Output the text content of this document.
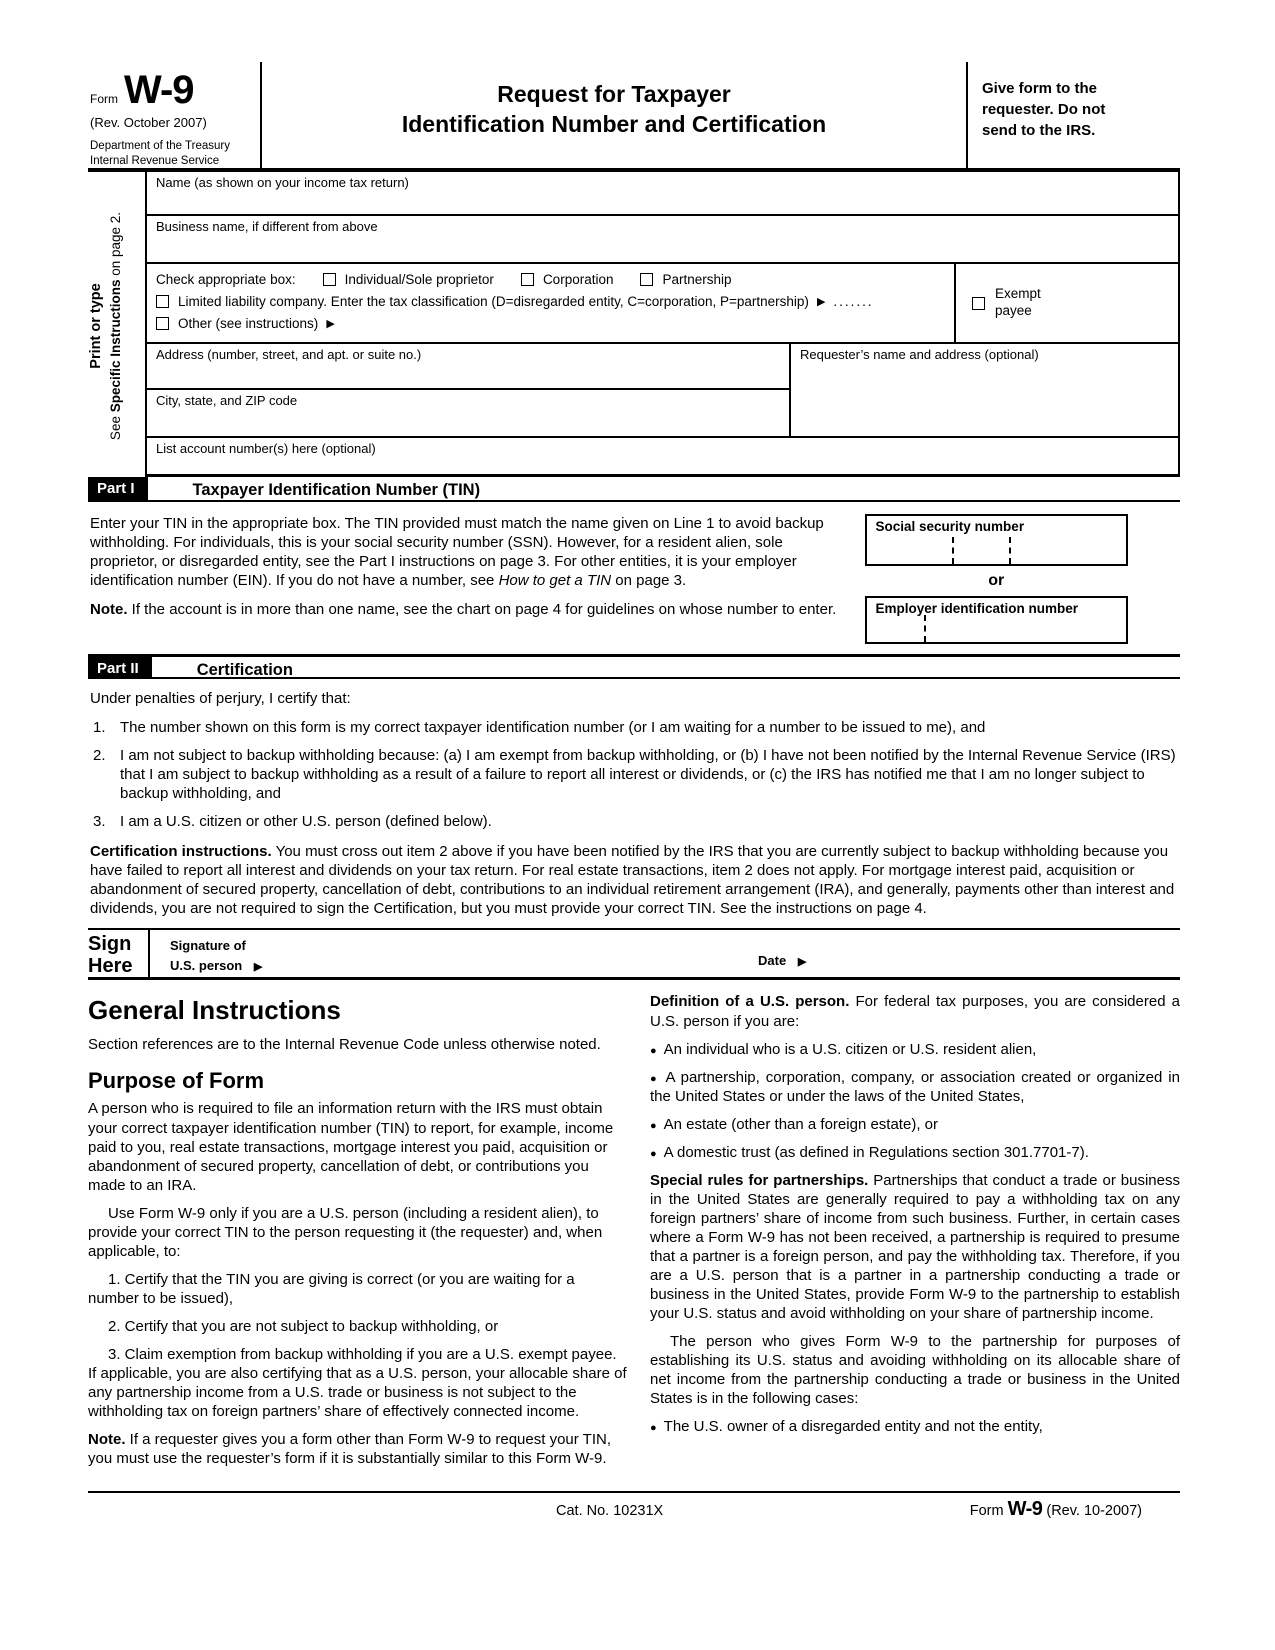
Form W-9
(Rev. October 2007)
Department of the Treasury
Internal Revenue Service
Request for Taxpayer
Identification Number and Certification
Give form to the requester. Do not send to the IRS.
Print or type
See Specific Instructions on page 2.
Name (as shown on your income tax return)
Business name, if different from above
Check appropriate box:	Individual/Sole proprietor	Corporation	Partnership
Limited liability company. Enter the tax classification (D=disregarded entity, C=corporation, P=partnership) ▶ .......
Other (see instructions) ▶
Exempt payee
Address (number, street, and apt. or suite no.)
City, state, and ZIP code
Requester’s name and address (optional)
List account number(s) here (optional)
Part I	Taxpayer Identification Number (TIN)
Enter your TIN in the appropriate box. The TIN provided must match the name given on Line 1 to avoid backup withholding. For individuals, this is your social security number (SSN). However, for a resident alien, sole proprietor, or disregarded entity, see the Part I instructions on page 3. For other entities, it is your employer identification number (EIN). If you do not have a number, see How to get a TIN on page 3.
Note. If the account is in more than one name, see the chart on page 4 for guidelines on whose number to enter.
Social security number
or
Employer identification number
Part II	Certification
Under penalties of perjury, I certify that:
1. The number shown on this form is my correct taxpayer identification number (or I am waiting for a number to be issued to me), and
2. I am not subject to backup withholding because: (a) I am exempt from backup withholding, or (b) I have not been notified by the Internal Revenue Service (IRS) that I am subject to backup withholding as a result of a failure to report all interest or dividends, or (c) the IRS has notified me that I am no longer subject to backup withholding, and
3. I am a U.S. citizen or other U.S. person (defined below).
Certification instructions. You must cross out item 2 above if you have been notified by the IRS that you are currently subject to backup withholding because you have failed to report all interest and dividends on your tax return. For real estate transactions, item 2 does not apply. For mortgage interest paid, acquisition or abandonment of secured property, cancellation of debt, contributions to an individual retirement arrangement (IRA), and generally, payments other than interest and dividends, you are not required to sign the Certification, but you must provide your correct TIN. See the instructions on page 4.
Sign Here
Signature of
U.S. person ▶	Date ▶
General Instructions

Section references are to the Internal Revenue Code unless otherwise noted.

Purpose of Form

A person who is required to file an information return with the IRS must obtain your correct taxpayer identification number (TIN) to report, for example, income paid to you, real estate transactions, mortgage interest you paid, acquisition or abandonment of secured property, cancellation of debt, or contributions you made to an IRA.

Use Form W-9 only if you are a U.S. person (including a resident alien), to provide your correct TIN to the person requesting it (the requester) and, when applicable, to:

1. Certify that the TIN you are giving is correct (or you are waiting for a number to be issued),

2. Certify that you are not subject to backup withholding, or

3. Claim exemption from backup withholding if you are a U.S. exempt payee. If applicable, you are also certifying that as a U.S. person, your allocable share of any partnership income from a U.S. trade or business is not subject to the withholding tax on foreign partners’ share of effectively connected income.

Note. If a requester gives you a form other than Form W-9 to request your TIN, you must use the requester’s form if it is substantially similar to this Form W-9.

Definition of a U.S. person. For federal tax purposes, you are considered a U.S. person if you are:

● An individual who is a U.S. citizen or U.S. resident alien,

● A partnership, corporation, company, or association created or organized in the United States or under the laws of the United States,

● An estate (other than a foreign estate), or

● A domestic trust (as defined in Regulations section 301.7701-7).

Special rules for partnerships. Partnerships that conduct a trade or business in the United States are generally required to pay a withholding tax on any foreign partners’ share of income from such business. Further, in certain cases where a Form W-9 has not been received, a partnership is required to presume that a partner is a foreign person, and pay the withholding tax. Therefore, if you are a U.S. person that is a partner in a partnership conducting a trade or business in the United States, provide Form W-9 to the partnership to establish your U.S. status and avoid withholding on your share of partnership income.

The person who gives Form W-9 to the partnership for purposes of establishing its U.S. status and avoiding withholding on its allocable share of net income from the partnership conducting a trade or business in the United States is in the following cases:

● The U.S. owner of a disregarded entity and not the entity,

Cat. No. 10231X	Form W-9 (Rev. 10-2007)
